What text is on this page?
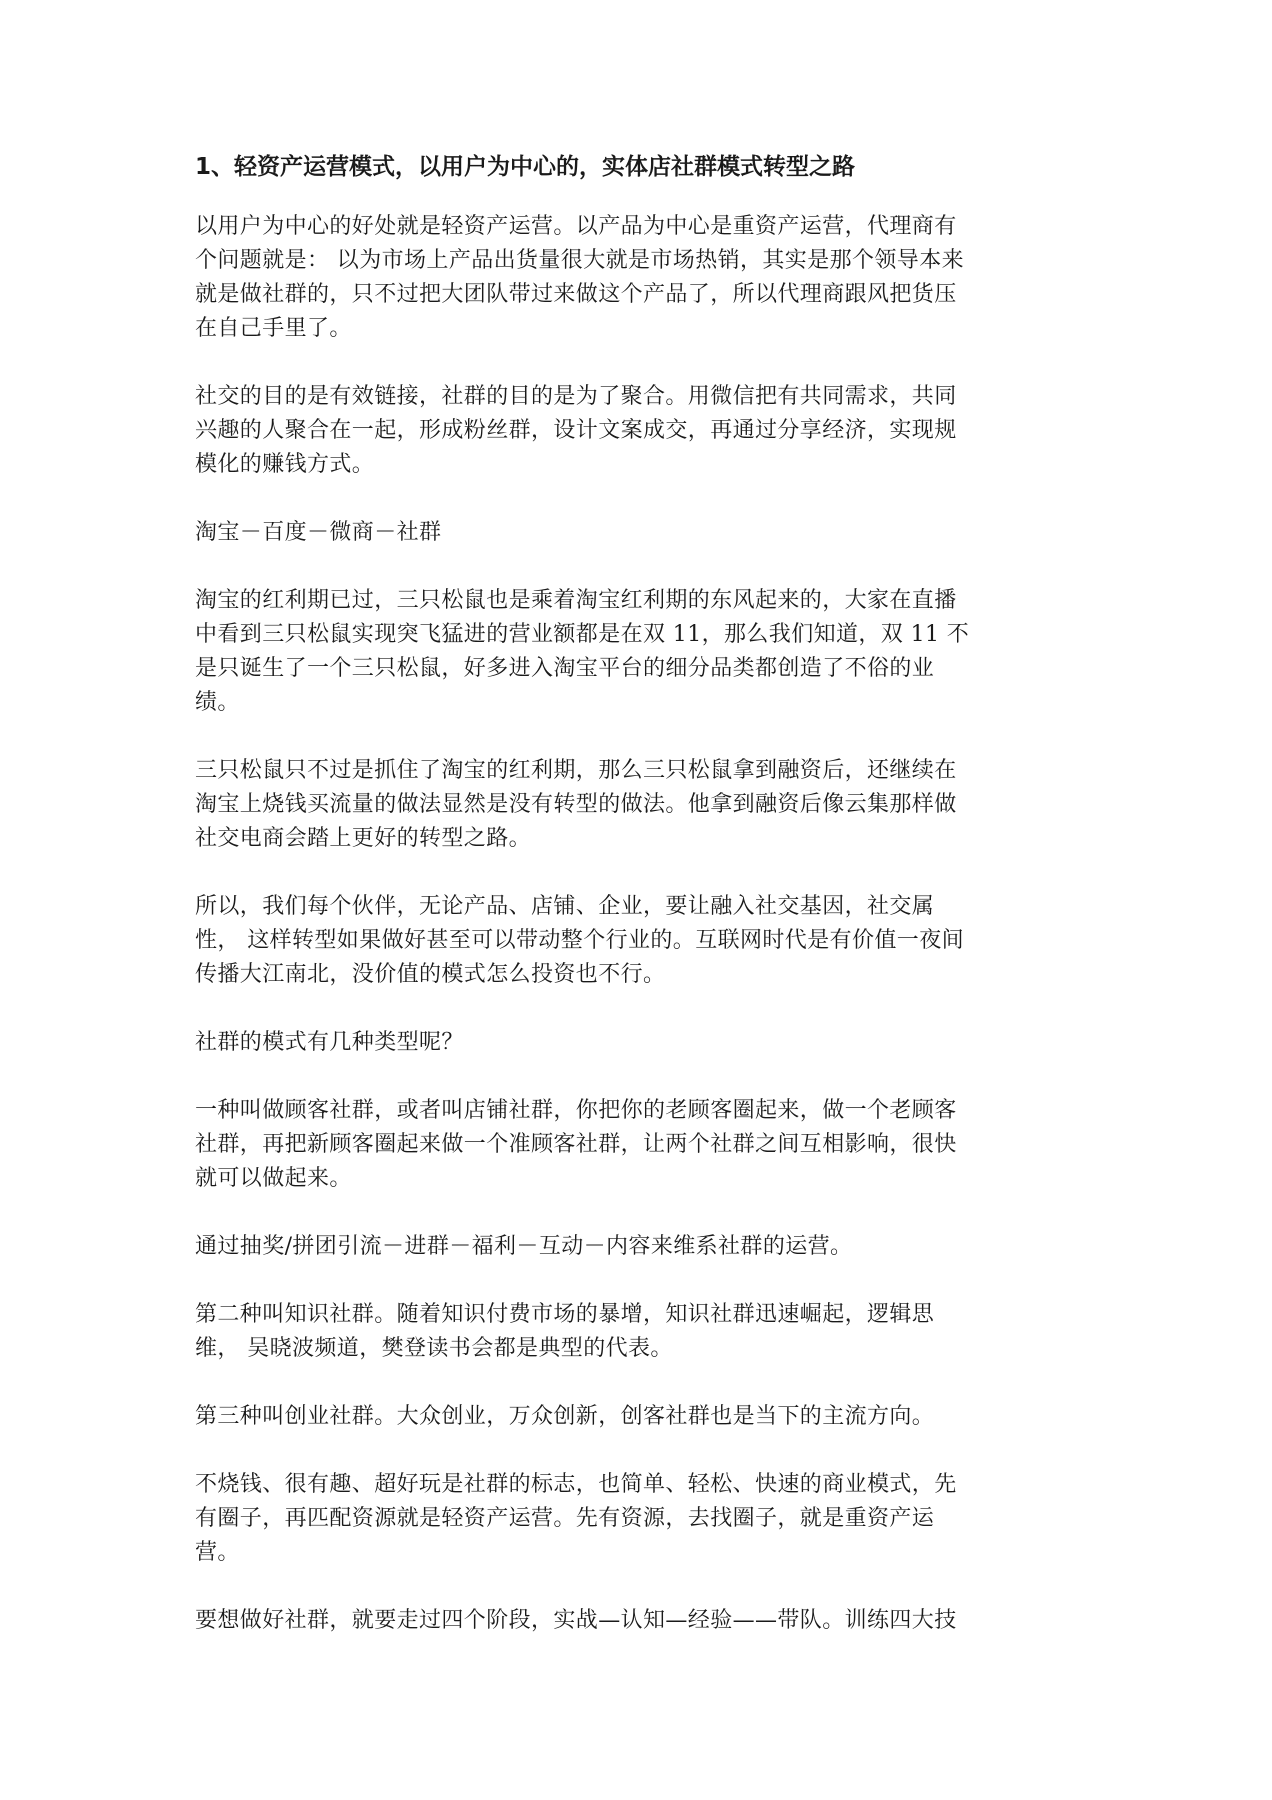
1、轻资产运营模式，以用户为中心的，实体店社群模式转型之路
以用户为中心的好处就是轻资产运营。以产品为中心是重资产运营，代理商有
个问题就是： 以为市场上产品出货量很大就是市场热销，其实是那个领导本来
就是做社群的，只不过把大团队带过来做这个产品了，所以代理商跟风把货压
在自己手里了。
社交的目的是有效链接，社群的目的是为了聚合。用微信把有共同需求，共同
兴趣的人聚合在一起，形成粉丝群，设计文案成交，再通过分享经济，实现规
模化的赚钱方式。
淘宝－百度－微商－社群
淘宝的红利期已过，三只松鼠也是乘着淘宝红利期的东风起来的，大家在直播
中看到三只松鼠实现突飞猛进的营业额都是在双 11，那么我们知道，双 11 不
是只诞生了一个三只松鼠，好多进入淘宝平台的细分品类都创造了不俗的业
绩。
三只松鼠只不过是抓住了淘宝的红利期，那么三只松鼠拿到融资后，还继续在
淘宝上烧钱买流量的做法显然是没有转型的做法。他拿到融资后像云集那样做
社交电商会踏上更好的转型之路。
所以，我们每个伙伴，无论产品、店铺、企业，要让融入社交基因，社交属
性， 这样转型如果做好甚至可以带动整个行业的。互联网时代是有价值一夜间
传播大江南北，没价值的模式怎么投资也不行。
社群的模式有几种类型呢？
一种叫做顾客社群，或者叫店铺社群，你把你的老顾客圈起来，做一个老顾客
社群，再把新顾客圈起来做一个准顾客社群，让两个社群之间互相影响，很快
就可以做起来。
通过抽奖/拼团引流－进群－福利－互动－内容来维系社群的运营。
第二种叫知识社群。随着知识付费市场的暴增，知识社群迅速崛起，逻辑思
维， 吴晓波频道，樊登读书会都是典型的代表。
第三种叫创业社群。大众创业，万众创新，创客社群也是当下的主流方向。
不烧钱、很有趣、超好玩是社群的标志，也简单、轻松、快速的商业模式，先
有圈子，再匹配资源就是轻资产运营。先有资源，去找圈子，就是重资产运
营。
要想做好社群，就要走过四个阶段，实战—认知—经验——带队。训练四大技
